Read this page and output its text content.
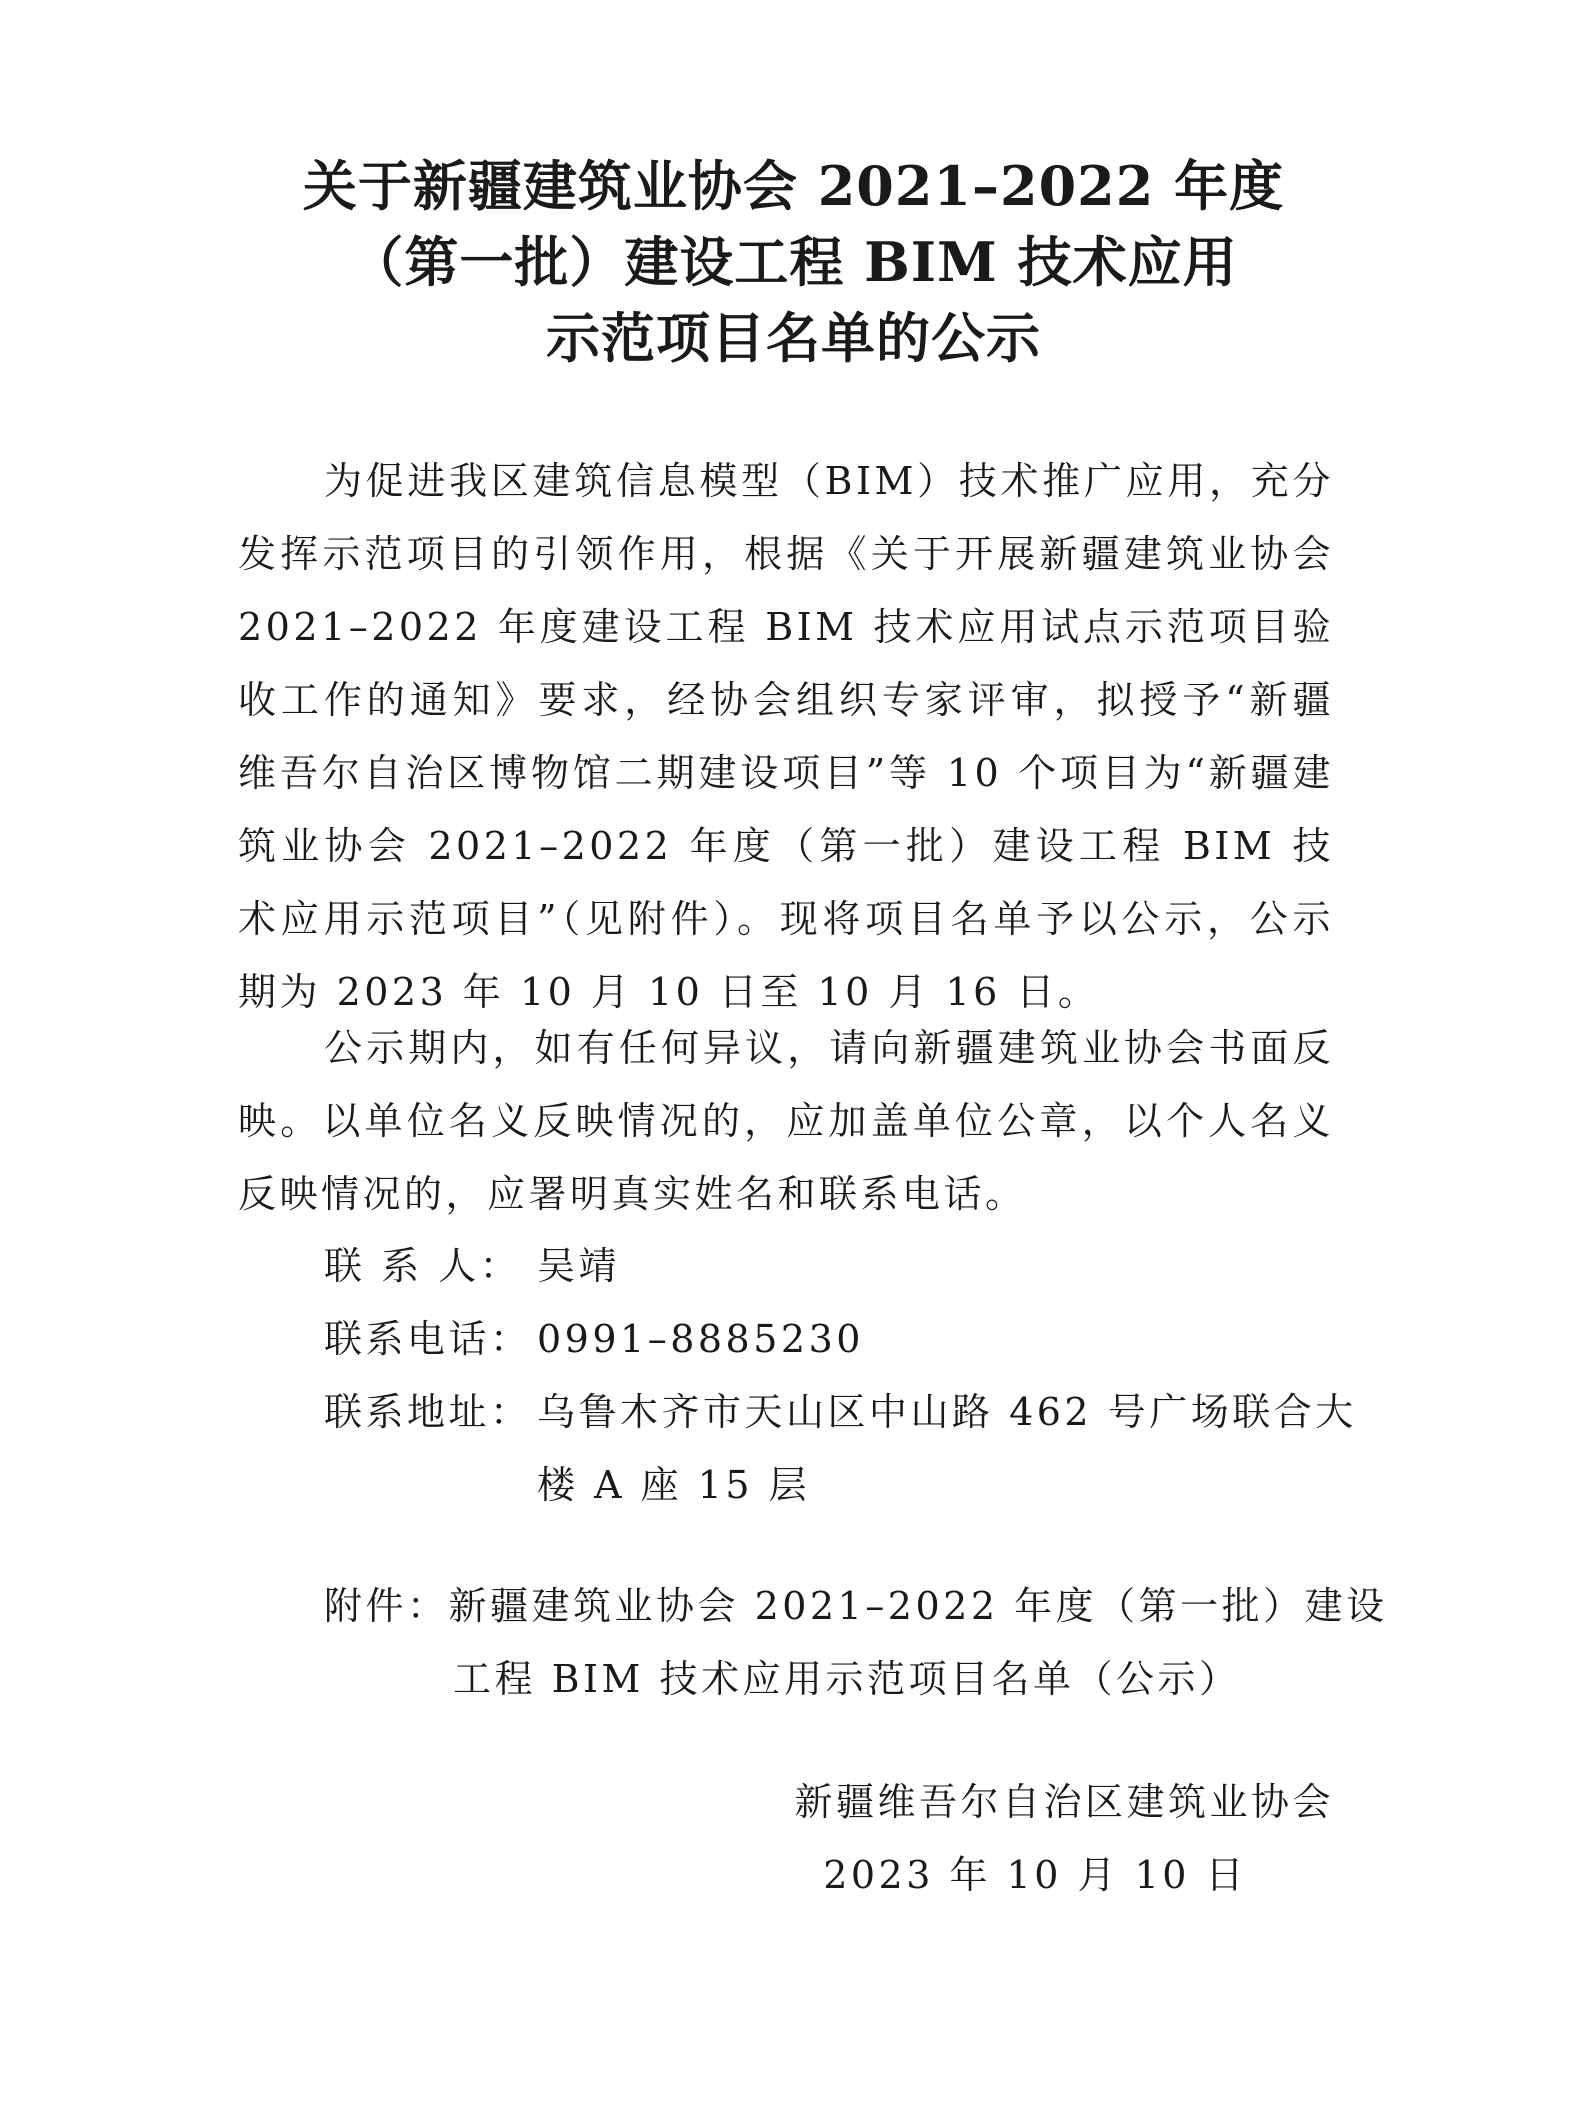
关于新疆建筑业协会 2021–2022 年度
（第一批）建设工程 BIM 技术应用
示范项目名单的公示
为促进我区建筑信息模型（BIM）技术推广应用，充分发挥示范项目的引领作用，根据《关于开展新疆建筑业协会 2021–2022 年度建设工程 BIM 技术应用试点示范项目验收工作的通知》要求，经协会组织专家评审，拟授予“新疆维吾尔自治区博物馆二期建设项目”等 10 个项目为“新疆建筑业协会 2021–2022 年度（第一批）建设工程 BIM 技术应用示范项目”（见附件）。现将项目名单予以公示，公示期为 2023 年 10 月 10 日至 10 月 16 日。
公示期内，如有任何异议，请向新疆建筑业协会书面反映。以单位名义反映情况的，应加盖单位公章，以个人名义反映情况的，应署明真实姓名和联系电话。
联 系 人： 吴靖
联系电话： 0991–8885230
联系地址： 乌鲁木齐市天山区中山路 462 号广场联合大
楼 A 座 15 层
附件：新疆建筑业协会 2021–2022 年度（第一批）建设
工程 BIM 技术应用示范项目名单（公示）
新疆维吾尔自治区建筑业协会
2023 年 10 月 10 日
